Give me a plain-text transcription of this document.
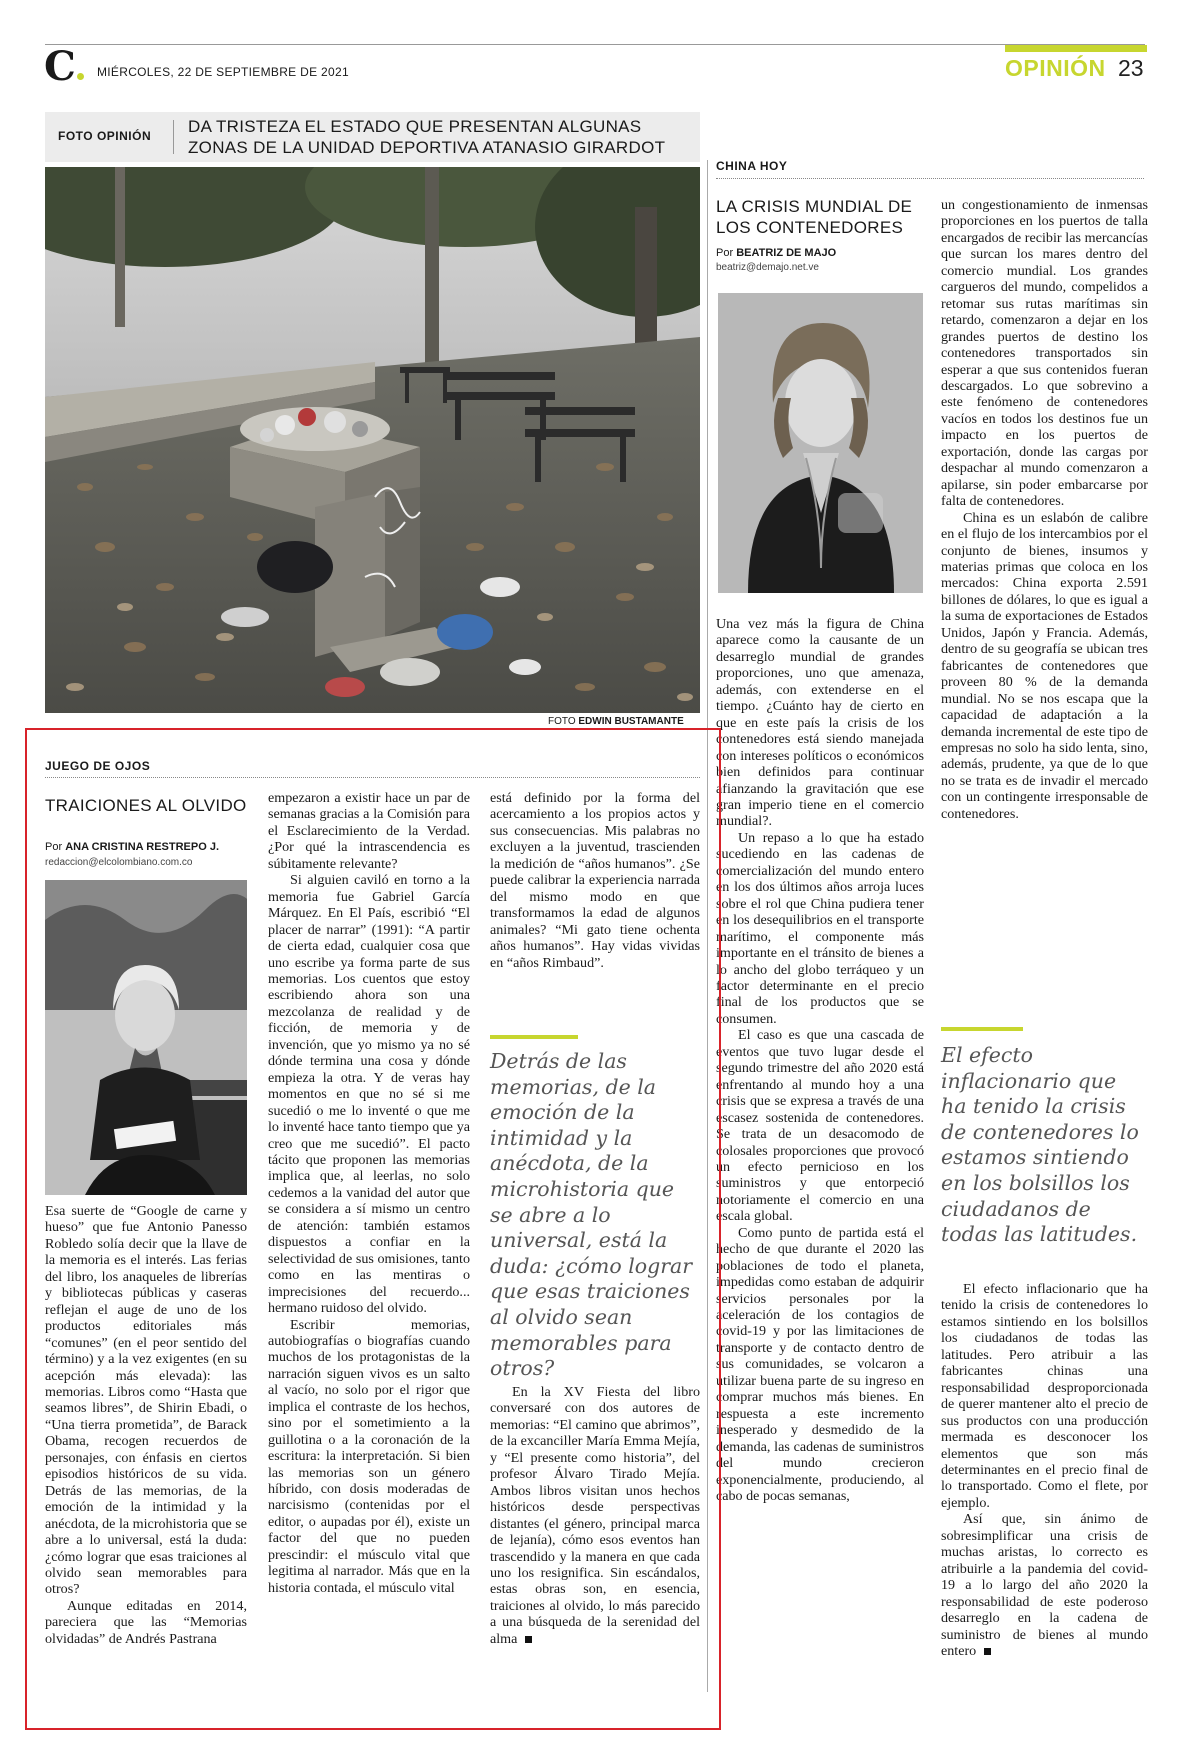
C	MIÉRCOLES, 22 DE SEPTIEMBRE DE 2021	OPINIÓN 23
FOTO OPINIÓN DA TRISTEZA EL ESTADO QUE PRESENTAN ALGUNAS
ZONAS DE LA UNIDAD DEPORTIVA ATANASIO GIRARDOT
FOTO EDWIN BUSTAMANTE
JUEGO DE OJOS
TRAICIONES AL OLVIDO
Por ANA CRISTINA RESTREPO J.
redaccion@elcolombiano.com.co

Esa suerte de “Google de carne y hueso” que fue Antonio Panesso Robledo solía decir que la llave de la memoria es el interés. Las ferias del libro, los anaqueles de librerías y bibliotecas públicas y caseras reflejan el auge de uno de los productos editoriales más “comunes” (en el peor sentido del término) y a la vez exigentes (en su acepción más elevada): las memorias. Libros como “Hasta que seamos libres”, de Shirin Ebadi, o “Una tierra prometida”, de Barack Obama, recogen recuerdos de personajes, con énfasis en ciertos episodios históricos de su vida. Detrás de las memorias, de la emoción de la intimidad y la anécdota, de la microhistoria que se abre a lo universal, está la duda: ¿cómo lograr que esas traiciones al olvido sean memorables para otros?

Aunque editadas en 2014, pareciera que las “Memorias olvidadas” de Andrés Pastrana

empezaron a existir hace un par de semanas gracias a la Comisión para el Esclarecimiento de la Verdad. ¿Por qué la intrascendencia es súbitamente relevante?

Si alguien caviló en torno a la memoria fue Gabriel García Márquez. En El País, escribió “El placer de narrar” (1991): “A partir de cierta edad, cualquier cosa que uno escribe ya forma parte de sus memorias. Los cuentos que estoy escribiendo ahora son una mezcolanza de realidad y de ficción, de memoria y de invención, que yo mismo ya no sé dónde termina una cosa y dónde empieza la otra. Y de veras hay momentos en que no sé si me sucedió o me lo inventé o que me lo inventé hace tanto tiempo que ya creo que me sucedió”. El pacto tácito que proponen las memorias implica que, al leerlas, no solo cedemos a la vanidad del autor que se considera a sí mismo un centro de atención: también estamos dispuestos a confiar en la selectividad de sus omisiones, tanto como en las mentiras o imprecisiones del recuerdo... hermano ruidoso del olvido.

Escribir memorias, autobiografías o biografías cuando muchos de los protagonistas de la narración siguen vivos es un salto al vacío, no solo por el rigor que implica el contraste de los hechos, sino por el sometimiento a la guillotina o a la coronación de la escritura: la interpretación. Si bien las memorias son un género híbrido, con dosis moderadas de narcisismo (contenidas por el editor, o aupadas por él), existe un factor del que no pueden prescindir: el músculo vital que legitima al narrador. Más que en la historia contada, el músculo vital

está definido por la forma del acercamiento a los propios actos y sus consecuencias. Mis palabras no excluyen a la juventud, trascienden la medición de “años humanos”. ¿Se puede calibrar la experiencia narrada del mismo modo en que transformamos la edad de algunos animales? “Mi gato tiene ochenta años humanos”. Hay vidas vividas en “años Rimbaud”.

Detrás de las memorias, de la emoción de la intimidad y la anécdota, de la microhistoria que se abre a lo universal, está la duda: ¿cómo lograr que esas traiciones al olvido sean memorables para otros?

En la XV Fiesta del libro conversaré con dos autores de memorias: “El camino que abrimos”, de la excanciller María Emma Mejía, y “El presente como historia”, del profesor Álvaro Tirado Mejía. Ambos libros visitan unos hechos históricos desde perspectivas distantes (el género, principal marca de lejanía), cómo esos eventos han trascendido y la manera en que cada uno los resignifica. Sin escándalos, estas obras son, en esencia, traiciones al olvido, lo más parecido a una búsqueda de la serenidad del alma

CHINA HOY
LA CRISIS MUNDIAL DE
LOS CONTENEDORES
Por BEATRIZ DE MAJO
beatriz@demajo.net.ve

Una vez más la figura de China aparece como la causante de un desarreglo mundial de grandes proporciones, uno que amenaza, además, con extenderse en el tiempo. ¿Cuánto hay de cierto en que en este país la crisis de los contenedores está siendo manejada con intereses políticos o económicos bien definidos para continuar afianzando la gravitación que ese gran imperio tiene en el comercio mundial?.

Un repaso a lo que ha estado sucediendo en las cadenas de comercialización del mundo entero en los dos últimos años arroja luces sobre el rol que China pudiera tener en los desequilibrios en el transporte marítimo, el componente más importante en el tránsito de bienes a lo ancho del globo terráqueo y un factor determinante en el precio final de los productos que se consumen.

El caso es que una cascada de eventos que tuvo lugar desde el segundo trimestre del año 2020 está enfrentando al mundo hoy a una crisis que se expresa a través de una escasez sostenida de contenedores. Se trata de un desacomodo de colosales proporciones que provocó un efecto pernicioso en los suministros y que entorpeció notoriamente el comercio en una escala global.

Como punto de partida está el hecho de que durante el 2020 las poblaciones de todo el planeta, impedidas como estaban de adquirir servicios personales por la aceleración de los contagios de covid-19 y por las limitaciones de transporte y de contacto dentro de sus comunidades, se volcaron a utilizar buena parte de su ingreso en comprar muchos más bienes. En respuesta a este incremento inesperado y desmedido de la demanda, las cadenas de suministros del mundo crecieron exponencialmente, produciendo, al cabo de pocas semanas,

un congestionamiento de inmensas proporciones en los puertos de talla encargados de recibir las mercancías que surcan los mares dentro del comercio mundial. Los grandes cargueros del mundo, compelidos a retomar sus rutas marítimas sin retardo, comenzaron a dejar en los grandes puertos de destino los contenedores transportados sin esperar a que sus contenidos fueran descargados. Lo que sobrevino a este fenómeno de contenedores vacíos en todos los destinos fue un impacto en los puertos de exportación, donde las cargas por despachar al mundo comenzaron a apilarse, sin poder embarcarse por falta de contenedores.

China es un eslabón de calibre en el flujo de los intercambios por el conjunto de bienes, insumos y materias primas que coloca en los mercados: China exporta 2.591 billones de dólares, lo que es igual a la suma de exportaciones de Estados Unidos, Japón y Francia. Además, dentro de su geografía se ubican tres fabricantes de contenedores que proveen 80 % de la demanda mundial. No se nos escapa que la capacidad de adaptación a la demanda incremental de este tipo de empresas no solo ha sido lenta, sino, además, prudente, ya que de lo que no se trata es de invadir el mercado con un contingente irresponsable de contenedores.

El efecto inflacionario que ha tenido la crisis de contenedores lo estamos sintiendo en los bolsillos los ciudadanos de todas las latitudes.

El efecto inflacionario que ha tenido la crisis de contenedores lo estamos sintiendo en los bolsillos los ciudadanos de todas las latitudes. Pero atribuir a las fabricantes chinas una responsabilidad desproporcionada de querer mantener alto el precio de sus productos con una producción mermada es desconocer los elementos que son más determinantes en el precio final de lo transportado. Como el flete, por ejemplo.

Así que, sin ánimo de sobresimplificar una crisis de muchas aristas, lo correcto es atribuirle a la pandemia del covid-19 a lo largo del año 2020 la responsabilidad de este poderoso desarreglo en la cadena de suministro de bienes al mundo entero
